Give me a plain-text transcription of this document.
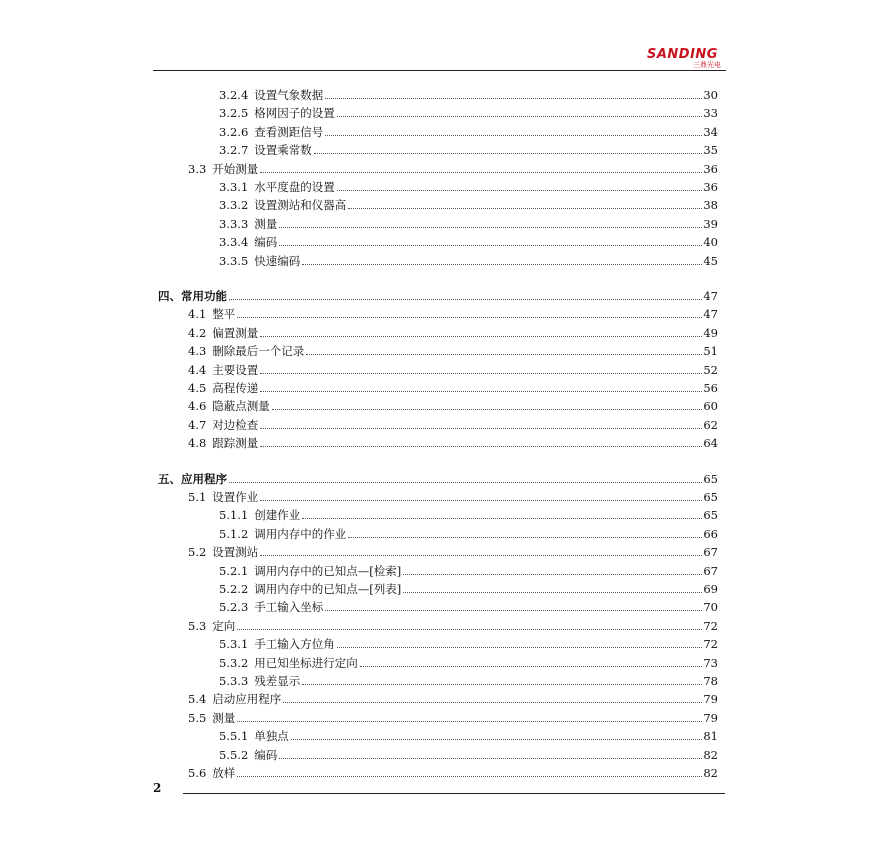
SANDING
三鼎光电
3.2.4 设置气象数据	30
3.2.5 格网因子的设置	33
3.2.6 查看测距信号	34
3.2.7 设置乘常数	35
3.3 开始测量	36
3.3.1 水平度盘的设置	36
3.3.2 设置测站和仪器高	38
3.3.3 测量	39
3.3.4 编码	40
3.3.5 快速编码	45
四、 常用功能	47
4.1 整平	47
4.2 偏置测量	49
4.3 删除最后一个记录	51
4.4 主要设置	52
4.5 高程传递	56
4.6 隐蔽点测量	60
4.7 对边检查	62
4.8 跟踪测量	64
五、 应用程序	65
5.1 设置作业	65
5.1.1 创建作业	65
5.1.2 调用内存中的作业	66
5.2 设置测站	67
5.2.1 调用内存中的已知点—[检索]	67
5.2.2 调用内存中的已知点—[列表]	69
5.2.3 手工输入坐标	70
5.3 定向	72
5.3.1 手工输入方位角	72
5.3.2 用已知坐标进行定向	73
5.3.3 残差显示	78
5.4 启动应用程序	79
5.5 测量	79
5.5.1 单独点	81
5.5.2 编码	82
5.6 放样	82
2
